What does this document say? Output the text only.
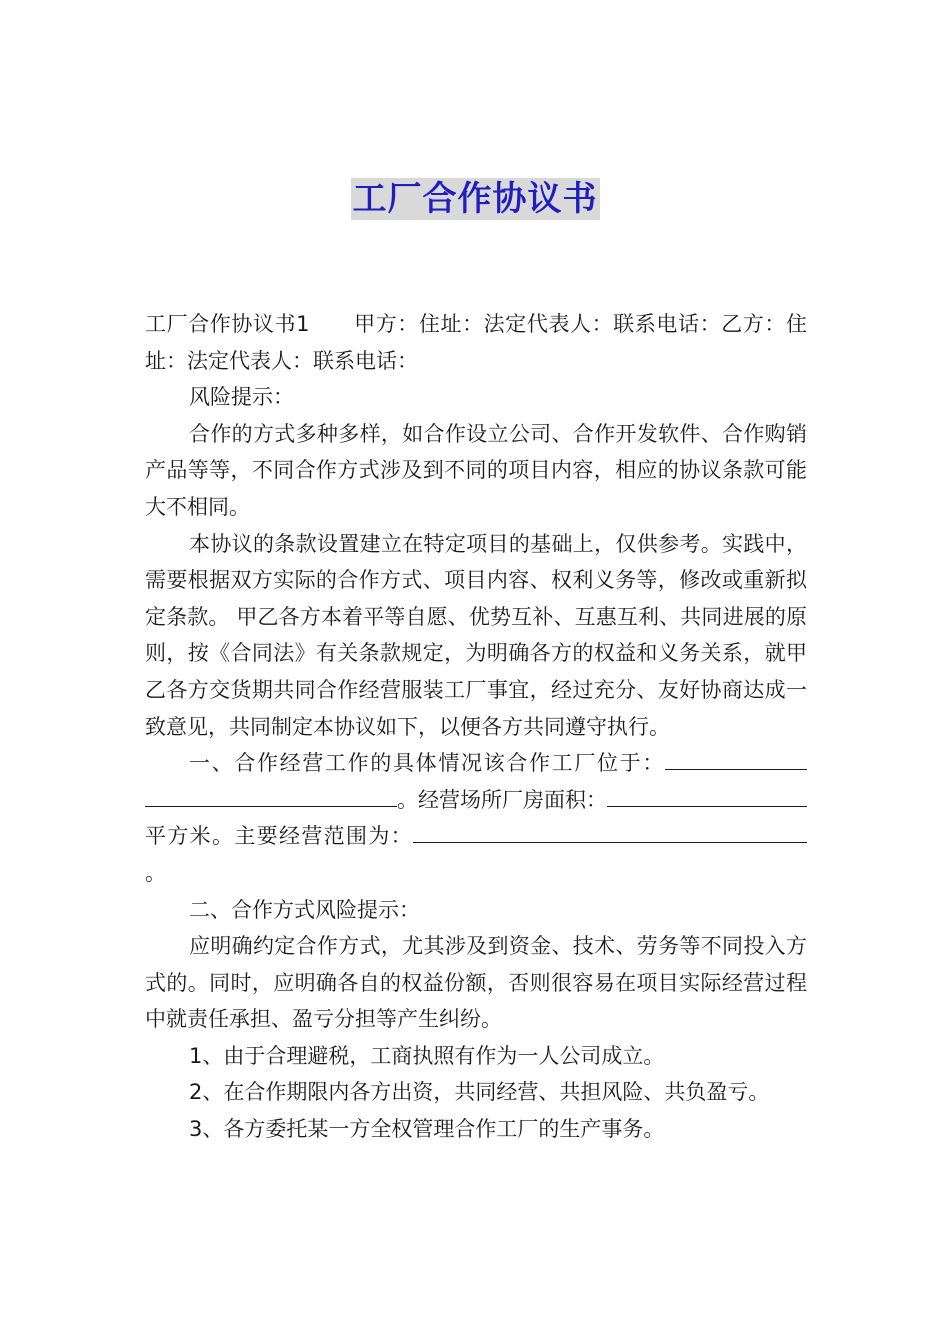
工厂合作协议书

工厂合作协议书1 甲方：住址：法定代表人：联系电话：乙方：住址：法定代表人：联系电话：

风险提示：

合作的方式多种多样，如合作设立公司、合作开发软件、合作购销产品等等，不同合作方式涉及到不同的项目内容，相应的协议条款可能大不相同。

本协议的条款设置建立在特定项目的基础上，仅供参考。实践中，需要根据双方实际的合作方式、项目内容、权利义务等，修改或重新拟定条款。 甲乙各方本着平等自愿、优势互补、互惠互利、共同进展的原则，按《合同法》有关条款规定，为明确各方的权益和义务关系，就甲乙各方交货期共同合作经营服装工厂事宜，经过充分、友好协商达成一致意见，共同制定本协议如下，以便各方共同遵守执行。

一、合作经营工作的具体情况该合作工厂位于：。经营场所厂房面积：平方米。主要经营范围为：。

二、合作方式风险提示：

应明确约定合作方式，尤其涉及到资金、技术、劳务等不同投入方式的。同时，应明确各自的权益份额，否则很容易在项目实际经营过程中就责任承担、盈亏分担等产生纠纷。

1、由于合理避税，工商执照有作为一人公司成立。

2、在合作期限内各方出资，共同经营、共担风险、共负盈亏。

3、各方委托某一方全权管理合作工厂的生产事务。
